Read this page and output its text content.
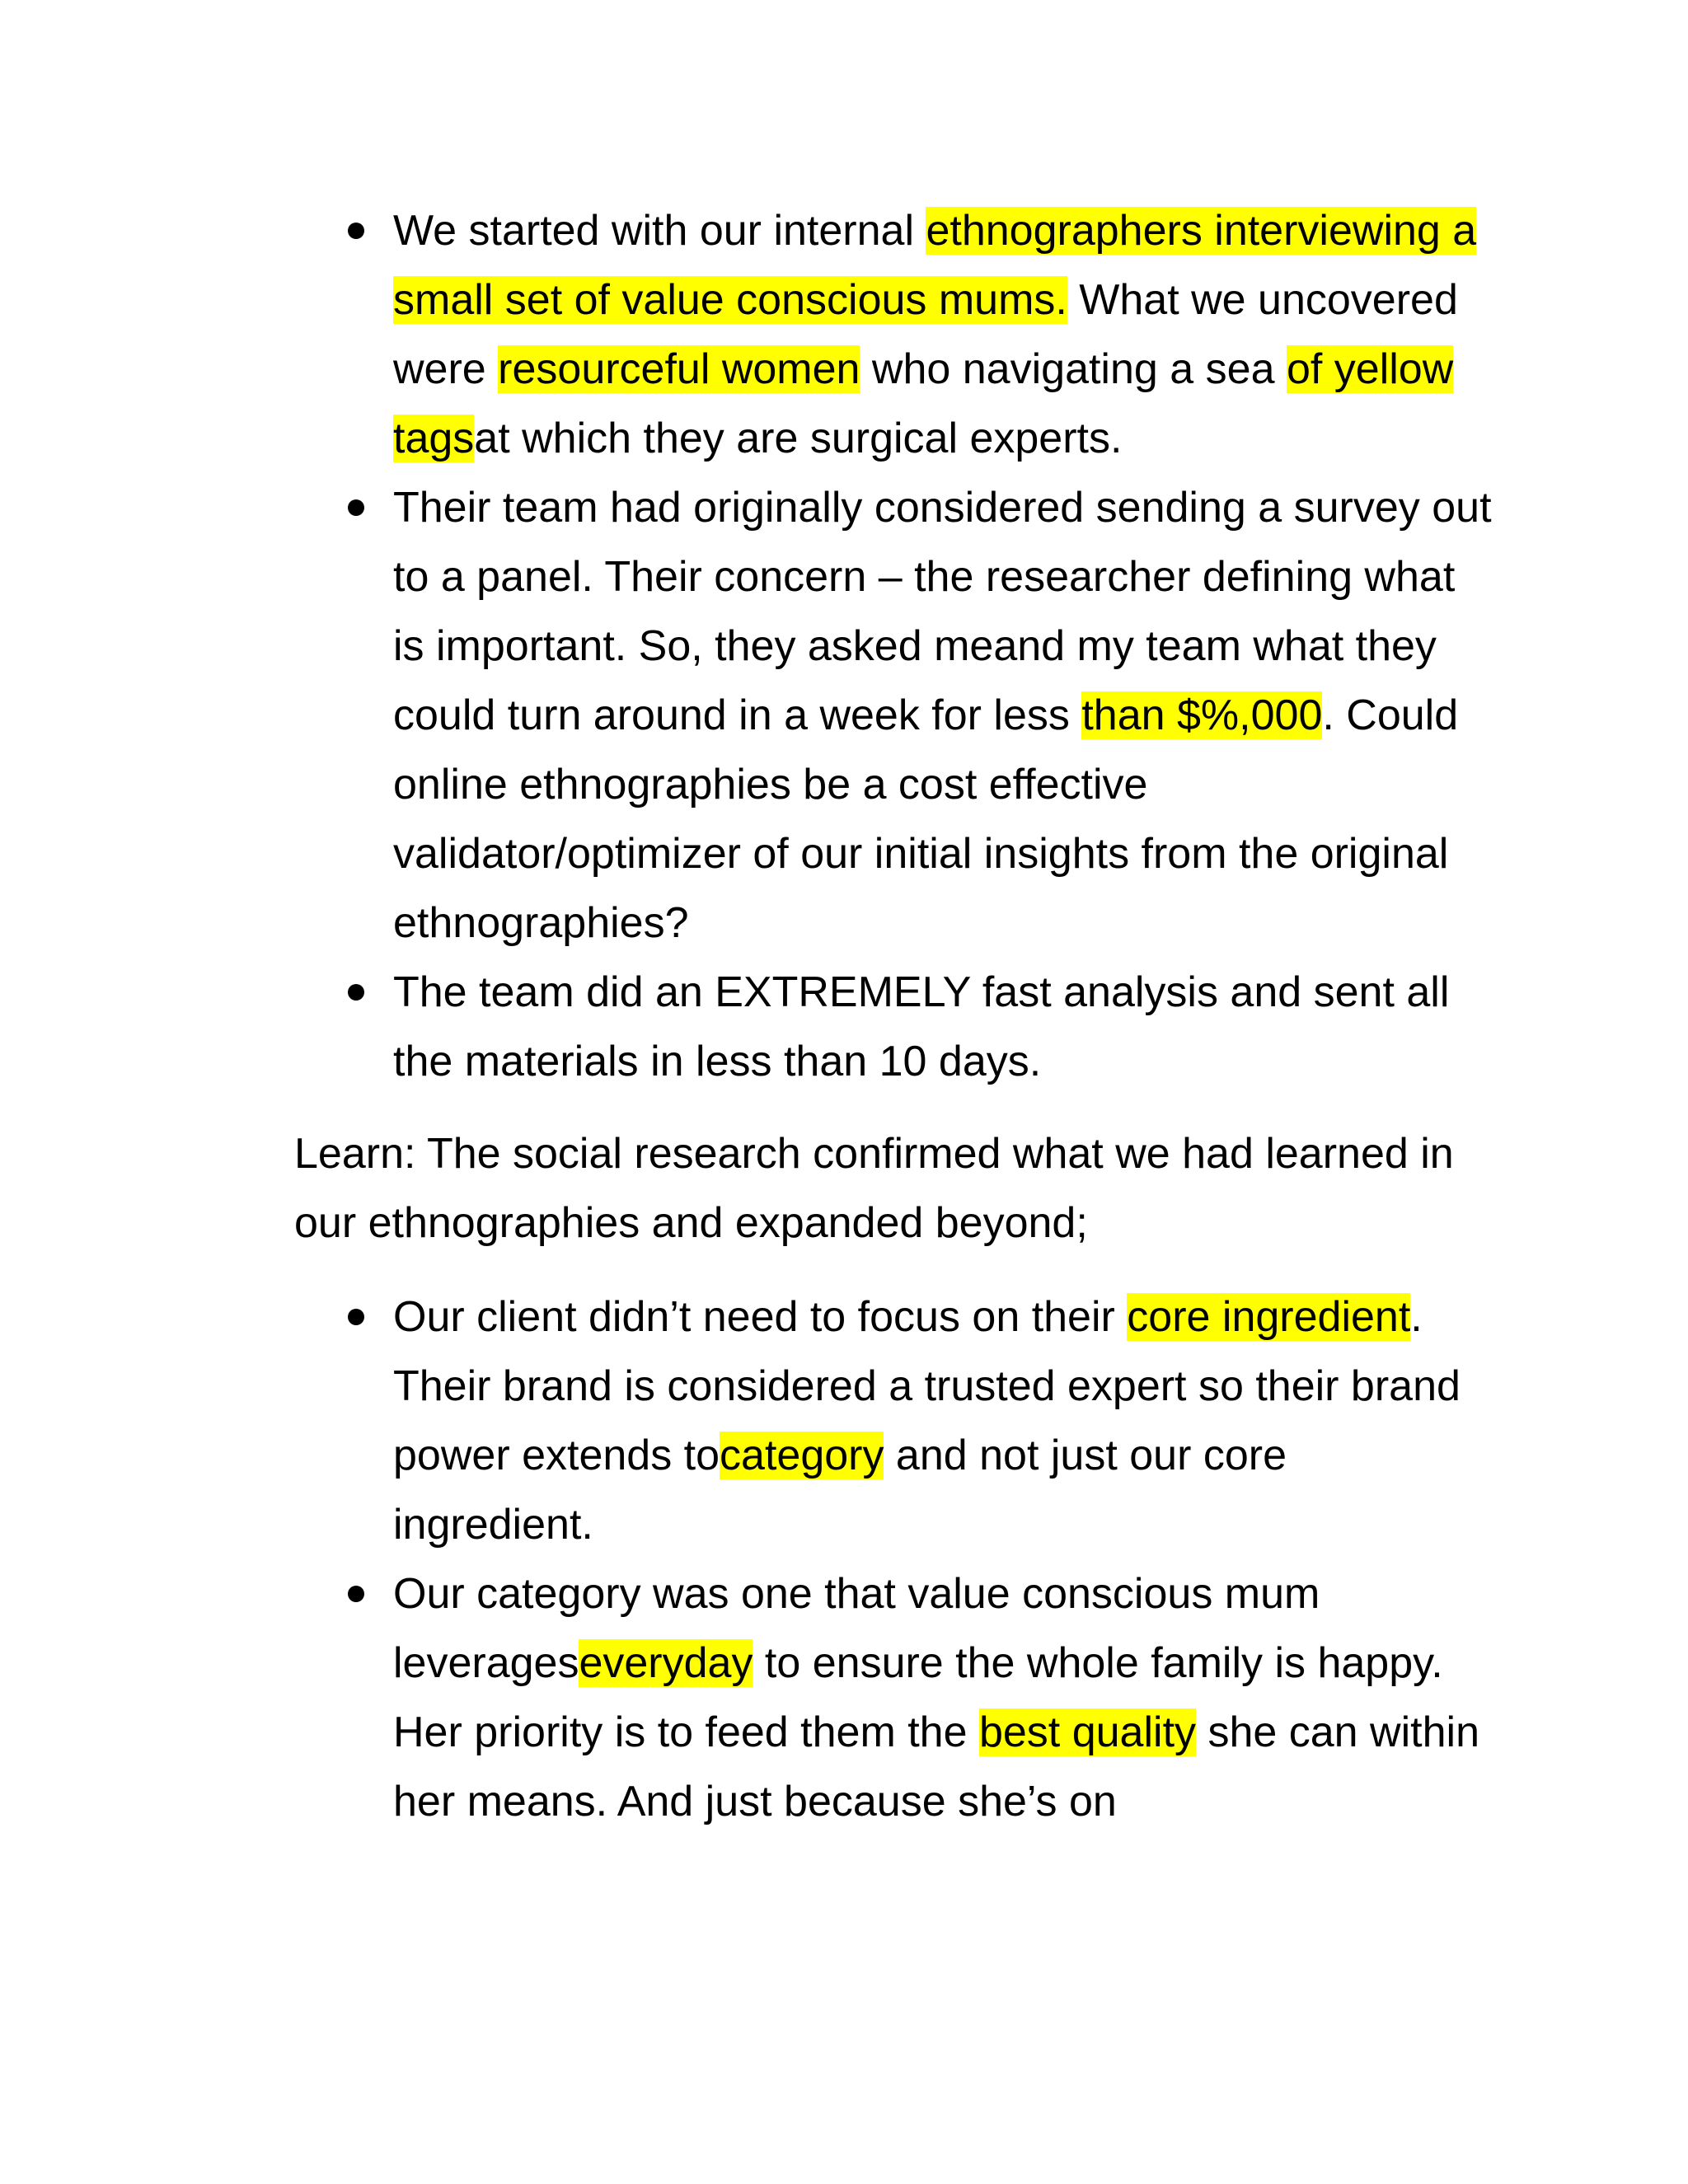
We started with our internal ethnographers interviewing a small set of value conscious mums. What we uncovered were resourceful women who navigating a sea of yellow tagsat which they are surgical experts.
Their team had originally considered sending a survey out to a panel. Their concern – the researcher defining what is important. So, they asked meand my team what they could turn around in a week for less than $%,000. Could online ethnographies be a cost effective validator/optimizer of our initial insights from the original ethnographies?
The team did an EXTREMELY fast analysis and sent all the materials in less than 10 days.

Learn: The social research confirmed what we had learned in our ethnographies and expanded beyond;

Our client didn’t need to focus on their core ingredient. Their brand is considered a trusted expert so their brand power extends tocategory and not just our core ingredient.
Our category was one that value conscious mum leverageseveryday to ensure the whole family is happy. Her priority is to feed them the best quality she can within her means. And just because she’s on
